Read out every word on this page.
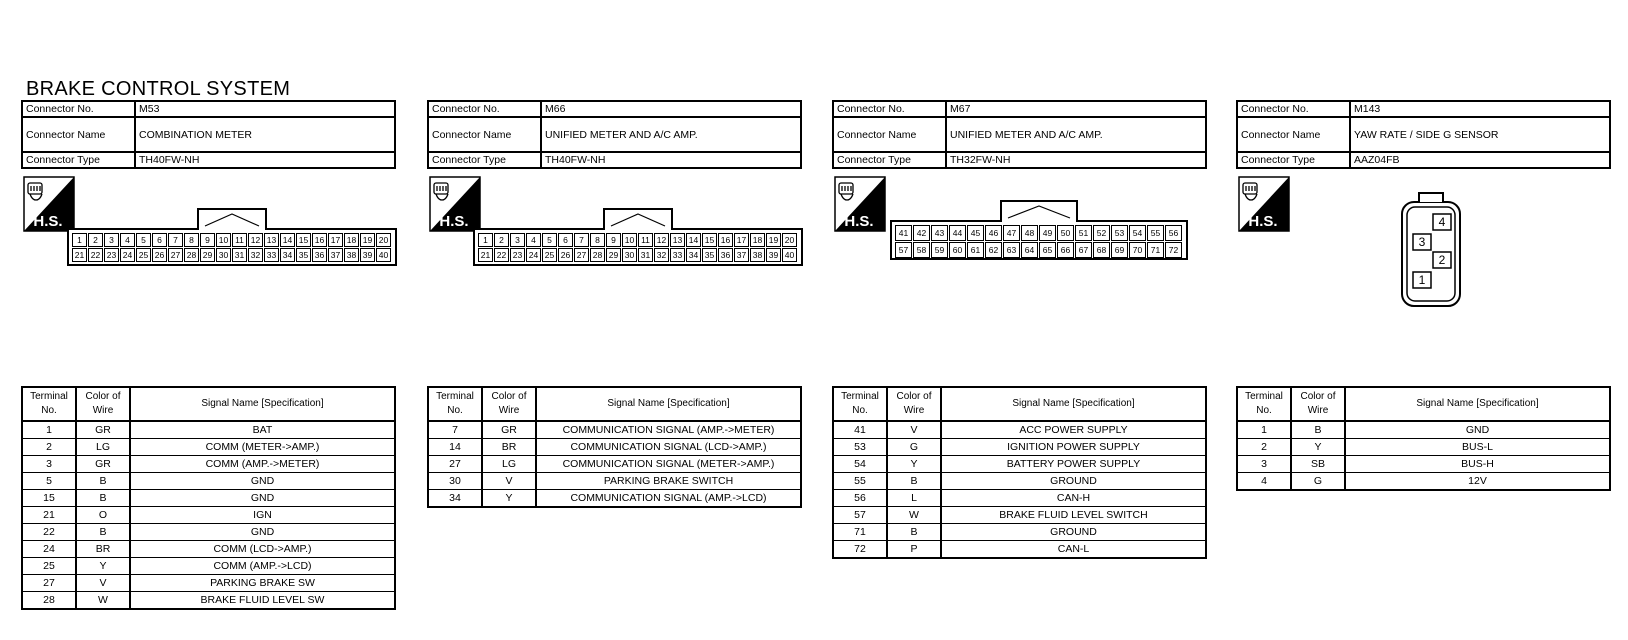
BRAKE CONTROL SYSTEM
Connector No.	M53
Connector Name	COMBINATION METER
Connector Type	TH40FW-NH
H.S.
1	2	3	4	5	6	7	8	9	10 11 12 13 14 15 16 17 18 19 20
21 22 23 24 25 26 27 28 29 30 31 32 33 34 35 36 37 38 39 40
Terminal No.	Color of Wire	Signal Name [Specification]
1	GR	BAT
2	LG	COMM (METER->AMP.)
3	GR	COMM (AMP.->METER)
5	B	GND
15	B	GND
21	O	IGN
22	B	GND
24	BR	COMM (LCD->AMP.)
25	Y	COMM (AMP.->LCD)
27	V	PARKING BRAKE SW
28	W	BRAKE FLUID LEVEL SW
Connector No.	M66
Connector Name	UNIFIED METER AND A/C AMP.
Connector Type	TH40FW-NH
H.S.
1	2	3	4	5	6	7	8	9	10 11 12 13 14 15 16 17 18 19 20
21 22 23 24 25 26 27 28 29 30 31 32 33 34 35 36 37 38 39 40
Terminal No.	Color of Wire	Signal Name [Specification]
7	GR	COMMUNICATION SIGNAL (AMP.->METER)
14	BR	COMMUNICATION SIGNAL (LCD->AMP.)
27	LG	COMMUNICATION SIGNAL (METER->AMP.)
30	V	PARKING BRAKE SWITCH
34	Y	COMMUNICATION SIGNAL (AMP.->LCD)
Connector No.	M67
Connector Name	UNIFIED METER AND A/C AMP.
Connector Type	TH32FW-NH
H.S.
41	42	43	44	45	46	47	48	49	50	51	52	53	54	55	56
57	58	59	60	61	62	63	64	65	66	67	68	69	70	71	72
Terminal No.	Color of Wire	Signal Name [Specification]
41	V	ACC POWER SUPPLY
53	G	IGNITION POWER SUPPLY
54	Y	BATTERY POWER SUPPLY
55	B	GROUND
56	L	CAN-H
57	W	BRAKE FLUID LEVEL SWITCH
71	B	GROUND
72	P	CAN-L
Connector No.	M143
Connector Name	YAW RATE / SIDE G SENSOR
Connector Type	AAZ04FB
H.S.	4
3
2
1
Terminal No.	Color of Wire	Signal Name [Specification]
1	B	GND
2	Y	BUS-L
3	SB	BUS-H
4	G	12V
